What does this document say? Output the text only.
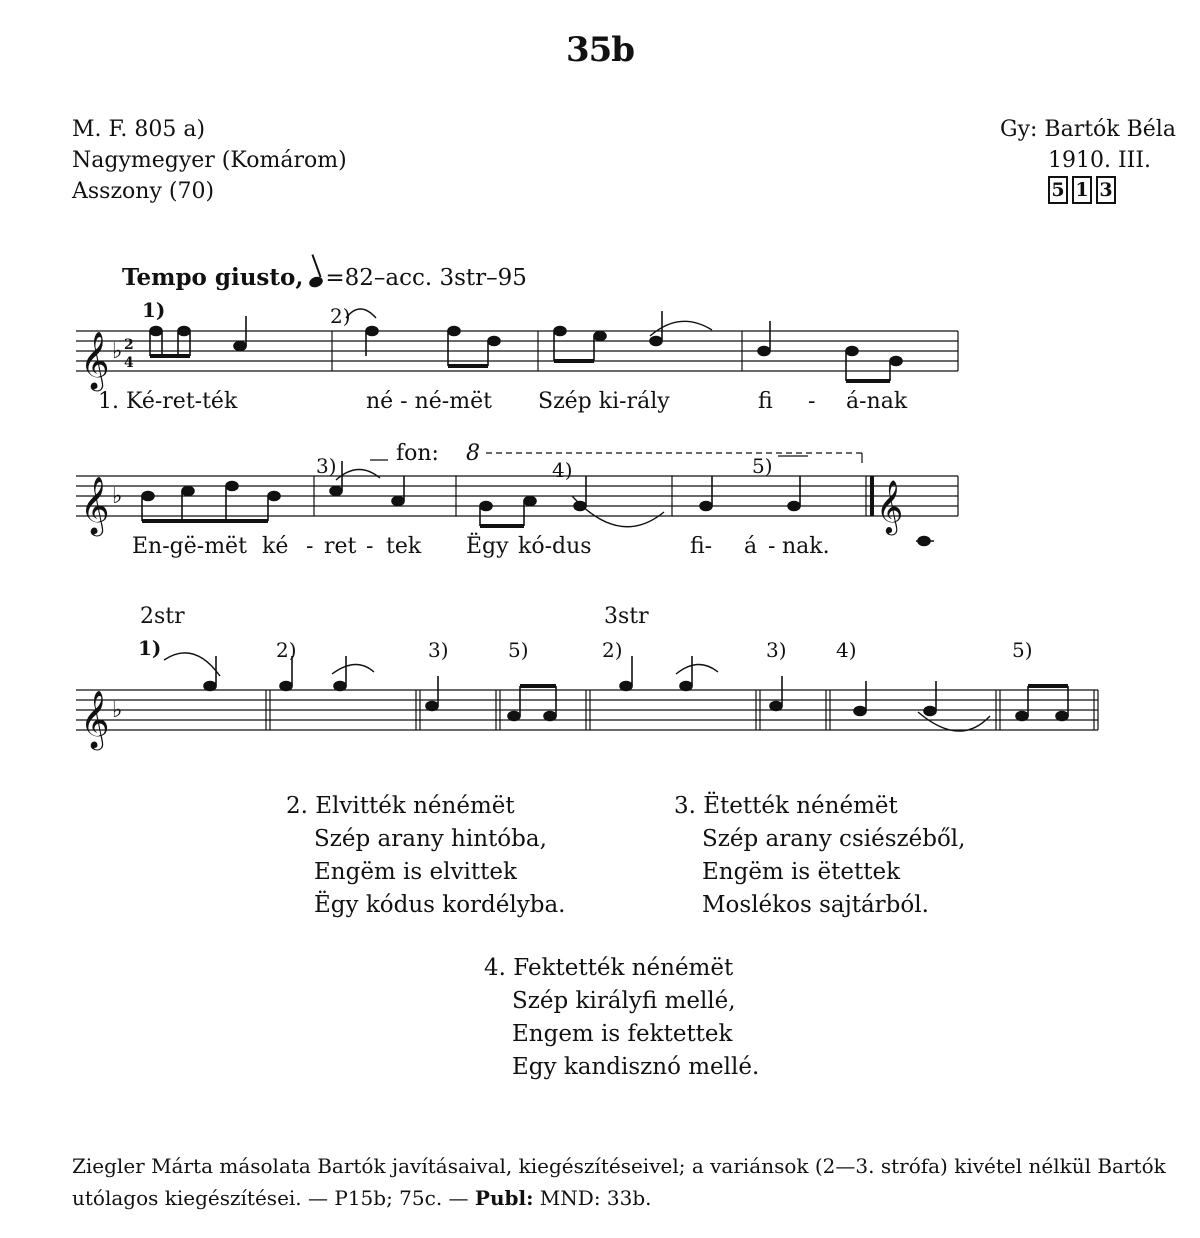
35b
M. F. 805 a)
Nagymegyer (Komárom)
Asszony (70)
Gy: Bartók Béla
1910. III.
5 1 3
Tempo giusto, =82–acc. 3str–95
𝄞
𝄞
𝄞
𝄞
♭
♭
♭
2
4
1)	2)
1. Ké-ret-ték	né - né-mët Szép ki-rály	fi - á-nak
3)	4)	5)
fon: 8
En-gë-mët ké - ret - tek Ëgy kó-dus	fi- á - nak.
2str	3str
1)	2)	3)	5)	2)	3) 4)	5)
2. Elvitték nénémët
Szép arany hintóba,
Engëm is elvittek
Ëgy kódus kordélyba.
3. Ëtették nénémët
Szép arany csiészéből,
Engëm is ëtettek
Moslékos sajtárból.
4. Fektették nénémët
Szép királyfi mellé,
Engem is fektettek
Egy kandisznó mellé.
Ziegler Márta másolata Bartók javításaival, kiegészítéseivel; a variánsok (2—3. strófa) kivétel nélkül Bartók utólagos kiegészítései. — P15b; 75c. — Publ: MND: 33b.
